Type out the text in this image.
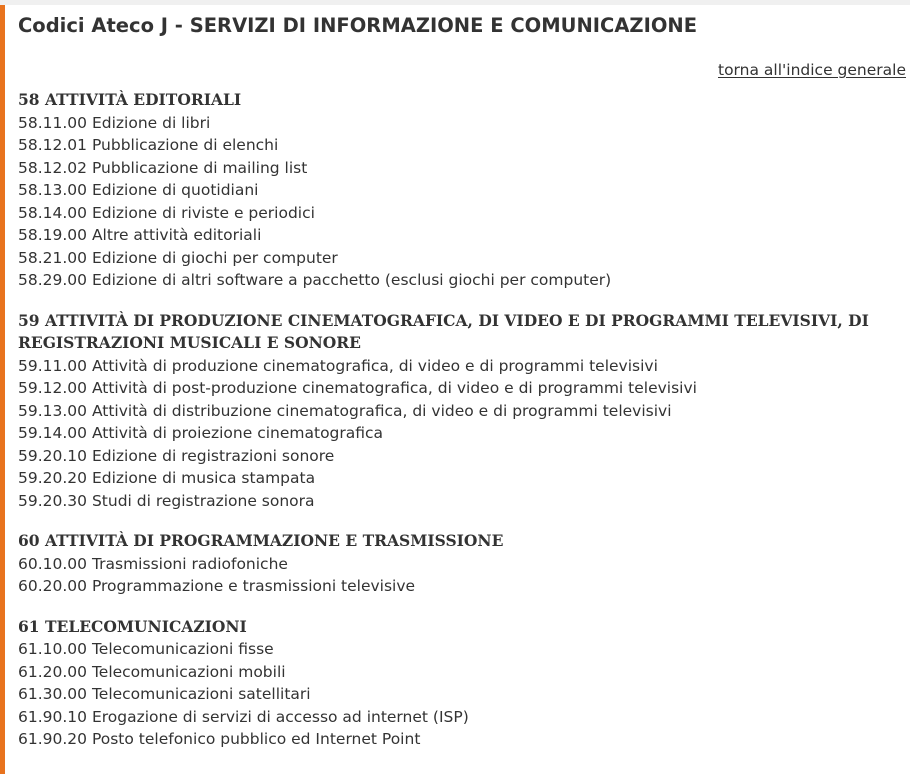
Codici Ateco J - SERVIZI DI INFORMAZIONE E COMUNICAZIONE
torna all'indice generale
58 ATTIVITÀ EDITORIALI
58.11.00 Edizione di libri
58.12.01 Pubblicazione di elenchi
58.12.02 Pubblicazione di mailing list
58.13.00 Edizione di quotidiani
58.14.00 Edizione di riviste e periodici
58.19.00 Altre attività editoriali
58.21.00 Edizione di giochi per computer
58.29.00 Edizione di altri software a pacchetto (esclusi giochi per computer)
59 ATTIVITÀ DI PRODUZIONE CINEMATOGRAFICA, DI VIDEO E DI PROGRAMMI TELEVISIVI, DI REGISTRAZIONI MUSICALI E SONORE
59.11.00 Attività di produzione cinematografica, di video e di programmi televisivi
59.12.00 Attività di post-produzione cinematografica, di video e di programmi televisivi
59.13.00 Attività di distribuzione cinematografica, di video e di programmi televisivi
59.14.00 Attività di proiezione cinematografica
59.20.10 Edizione di registrazioni sonore
59.20.20 Edizione di musica stampata
59.20.30 Studi di registrazione sonora
60 ATTIVITÀ DI PROGRAMMAZIONE E TRASMISSIONE
60.10.00 Trasmissioni radiofoniche
60.20.00 Programmazione e trasmissioni televisive
61 TELECOMUNICAZIONI
61.10.00 Telecomunicazioni fisse
61.20.00 Telecomunicazioni mobili
61.30.00 Telecomunicazioni satellitari
61.90.10 Erogazione di servizi di accesso ad internet (ISP)
61.90.20 Posto telefonico pubblico ed Internet Point
